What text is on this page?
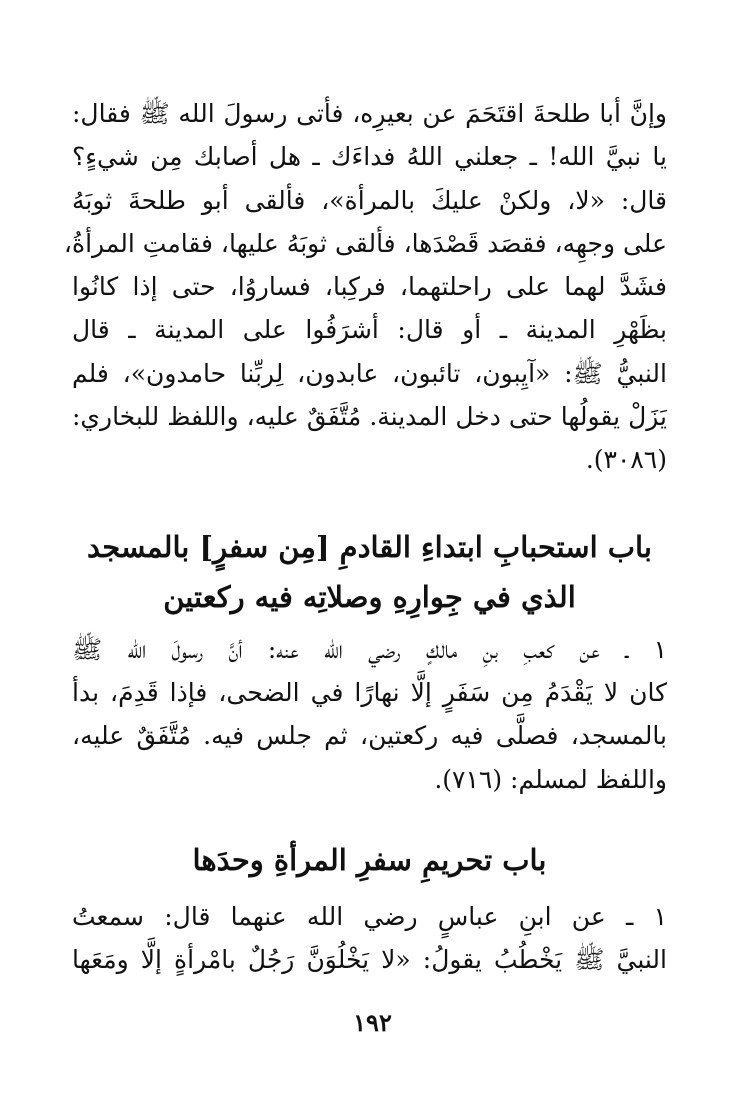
وإنَّ أبا طلحةَ اقتَحَمَ عن بعيرِه، فأتى رسولَ الله ﷺ فقال:
يا نبيَّ الله! ـ جعلني اللهُ فداءَك ـ هل أصابك مِن شيءٍ؟
قال: «لا، ولكنْ عليكَ بالمرأة»، فألقى أبو طلحةَ ثوبَهُ
على وجهِه، فقصَد قَصْدَها، فألقى ثوبَهُ عليها، فقامتِ المرأةُ،
فشَدَّ لهما على راحلتهما، فركِبا، فساروُا، حتى إذا كانُوا
بظَهْرِ المدينة ـ أو قال: أشرَفُوا على المدينة ـ قال
النبيُّ ﷺ: «آيِبون، تائبون، عابدون، لِربِّنا حامدون»، فلم
يَزَلْ يقولُها حتى دخل المدينة. مُتَّفَقٌ عليه، واللفظ للبخاري:
(٣٠٨٦).

باب استحبابِ ابتداءِ القادمِ [مِن سفرٍ] بالمسجد
الذي في جِوارِهِ وصلاتِه فيه ركعتين

١ ـ عن كعبِ بنِ مالكٍ رضي الله عنه: أنَّ رسولَ الله ﷺ
كان لا يَقْدَمُ مِن سَفَرٍ إلَّا نهارًا في الضحى، فإذا قَدِمَ، بدأ
بالمسجد، فصلَّى فيه ركعتين، ثم جلس فيه. مُتَّفَقٌ عليه،
واللفظ لمسلم: (٧١٦).

باب تحريمِ سفرِ المرأةِ وحدَها

١ ـ عن ابنِ عباسٍ رضي الله عنهما قال: سمعتُ
النبيَّ ﷺ يَخْطُبُ يقولُ: «لا يَخْلُوَنَّ رَجُلٌ بامْرأةٍ إلَّا ومَعَها

١٩٢
